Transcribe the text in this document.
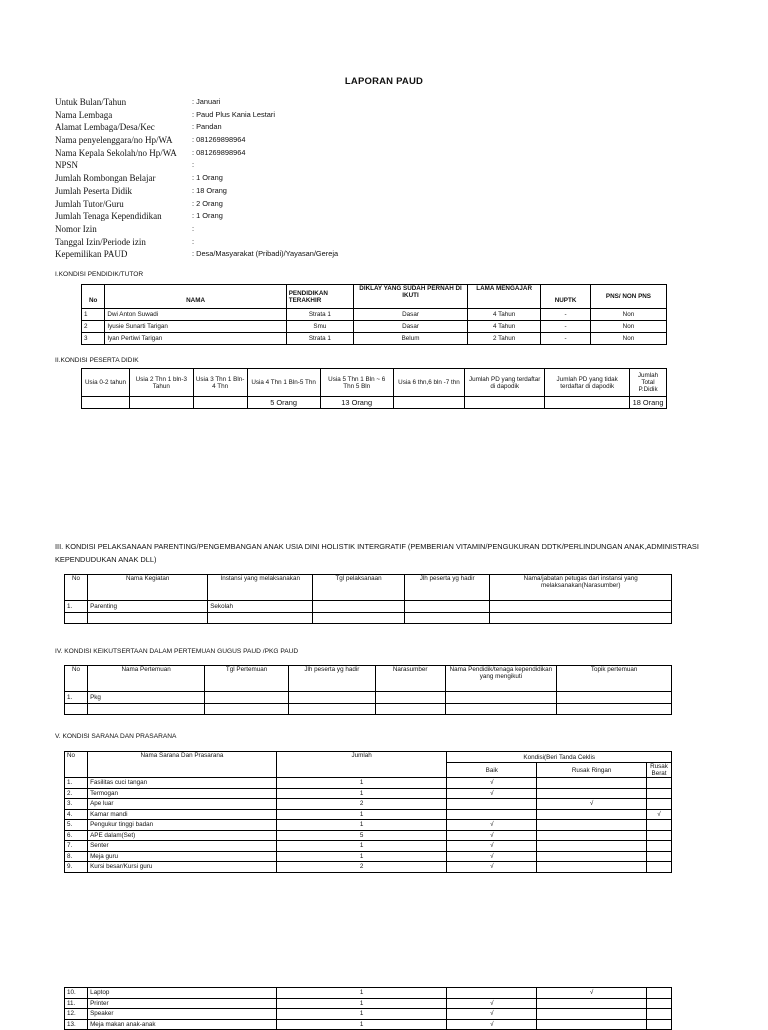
LAPORAN PAUD
Untuk Bulan/Tahun	: Januari
Nama Lembaga	: Paud Plus Kania Lestari
Alamat Lembaga/Desa/Kec	: Pandan
Nama penyelenggara/no Hp/WA	: 081269898964
Nama Kepala Sekolah/no Hp/WA : 081269898964
NPSN	:
Jumlah Rombongan Belajar	: 1 Orang
Jumlah Peserta Didik	: 18 Orang
Jumlah Tutor/Guru	: 2 Orang
Jumlah Tenaga Kependidikan	: 1 Orang
Nomor Izin	:
Tanggal Izin/Periode izin	:
Kepemilikan PAUD	: Desa/Masyarakat (Pribadi)/Yayasan/Gereja
I.KONDISI PENDIDIK/TUTOR
No	NAMA	PENDIDIKAN TERAKHIR	DIKLAY YANG SUDAH PERNAH DI IKUTI	LAMA MENGAJAR	NUPTK	PNS/ NON PNS
1	Dwi Anton Suwadi	Strata 1	Dasar	4 Tahun	-	Non
2	Iyusie Sunarti Tarigan	Smu	Dasar	4 Tahun	-	Non
3	Iyan Pertiwi Tarigan	Strata 1	Belum	2 Tahun	-	Non
II.KONDISI PESERTA DIDIK
Usia 0-2 tahun	Usia 2 Thn 1 bln-3 Tahun	Usia 3 Thn 1 Bln-4 Thn	Usia 4 Thn 1 Bln-5 Thn	Usia 5 Thn 1 Bln ~ 6 Thn 5 Bln	Usia 6 thn,6 bln -7 thn	Jumlah PD yang terdaftar di dapodik	Jumlah PD yang tidak terdaftar di dapodik	Jumlah Total P.Didik
			5 Orang	13 Orang				18 Orang
III. KONDISI PELAKSANAAN PARENTING/PENGEMBANGAN ANAK USIA DINI HOLISTIK INTERGRATIF (PEMBERIAN VITAMIN/PENGUKURAN DDTK/PERLINDUNGAN ANAK,ADMINISTRASI KEPENDUDUKAN ANAK DLL)
No	Nama Kegiatan	Instansi yang melaksanakan	Tgl pelaksanaan	Jlh peserta yg hadir	Nama/jabatan petugas dari instansi yang melaksanakan(Narasumber)
1.	Parenting	Sekolah			

IV. KONDISI KEIKUTSERTAAN DALAM PERTEMUAN GUGUS PAUD /PKG PAUD
No	Nama Pertemuan	Tgl Pertemuan	Jlh peserta yg hadir	Narasumber	Nama Pendidik/tenaga kependidikan yang mengikuti	Topik pertemuan
1.	Pkg					

V. KONDISI SARANA DAN PRASARANA
No	Nama Sarana Dan Prasarana	Jumlah	Kondisi(Beri Tanda Ceklis		
			Baik	Rusak Ringan	Rusak Berat
1.	Fasilitas cuci tangan	1	√		
2.	Termogan	1	√		
3.	Ape luar	2		√	
4.	Kamar mandi	1			√
5.	Pengukur tinggi badan	1	√		
6.	APE dalam(Set)	5	√		
7.	Senter	1	√		
8.	Meja guru	1	√		
9.	Kursi besar/Kursi guru	2	√		
10.	Laptop	1		√	
11.	Printer	1	√		
12.	Speaker	1	√		
13.	Meja makan anak-anak	1	√		
